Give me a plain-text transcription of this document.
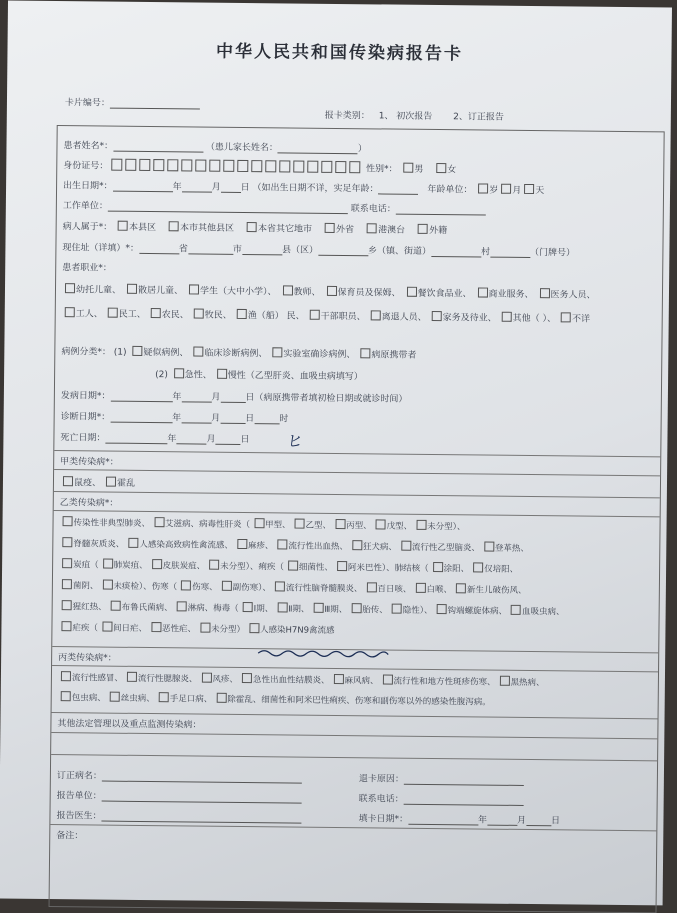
中华人民共和国传染病报告卡
卡片编号：
报卡类别： 1、 初次报告 2、订正报告
患者姓名*：	（患儿家长姓名：	）
身份证号：	性别*： 男	女
出生日期*：	年	月 日 （如出生日期不详，实足年龄：	年龄单位： 岁 月 天
工作单位：	联系电话：
病人属于*： 本县区	本市其他县区	本省其它地市	外省	港澳台	外籍
现住址（详填）*：	省	市	县（区）	乡（镇、街道）	村	（门牌号）
患者职业*：
幼托儿童、 散居儿童、 学生（大中小学）、 教师、 保育员及保姆、 餐饮食品业、 商业服务、 医务人员、
工人、 民工、 农民、 牧民、 渔（船） 民、 干部职员、 离退人员、 家务及待业、 其他（ ）、 不详
病例分类*： (1) 疑似病例、 临床诊断病例、 实验室确诊病例、 病原携带者
(2) 急性、 慢性（乙型肝炎、血吸虫病填写）
发病日期*：	年	月	日（病原携带者填初检日期或就诊时间）
诊断日期*：	年	月	日	时
死亡日期：	年	月	日
甲类传染病*：
鼠疫、 霍乱
乙类传染病*：
传染性非典型肺炎、 艾滋病、病毒性肝炎（ 甲型、 乙型、 丙型、 戊型、 未分型）、
脊髓灰质炎、 人感染高致病性禽流感、 麻疹、 流行性出血热、 狂犬病、 流行性乙型脑炎、 登革热、
炭疽（ 肺炭疽、 皮肤炭疽、 未分型）、痢疾（ 细菌性、 阿米巴性）、肺结核（ 涂阳、 仅培阳、
菌阴、 未痰检）、伤寒（ 伤寒、 副伤寒）、 流行性脑脊髓膜炎、 百日咳、 白喉、 新生儿破伤风、
猩红热、 布鲁氏菌病、 淋病、梅毒（ Ⅰ期、 Ⅱ期、 Ⅲ期、 胎传、 隐性）、 钩端螺旋体病、 血吸虫病、
疟疾（ 间日疟、 恶性疟、 未分型） 人感染H7N9禽流感
丙类传染病*：
流行性感冒、 流行性腮腺炎、 风疹、 急性出血性结膜炎、 麻风病、 流行性和地方性斑疹伤寒、 黑热病、
包虫病、 丝虫病、 手足口病、 除霍乱、细菌性和阿米巴性痢疾、伤寒和副伤寒以外的感染性腹泻病。
其他法定管理以及重点监测传染病：
订正病名：	退卡原因：
报告单位：	联系电话：
报告医生：	填卡日期*：	年	月	日
备注：
ヒ
